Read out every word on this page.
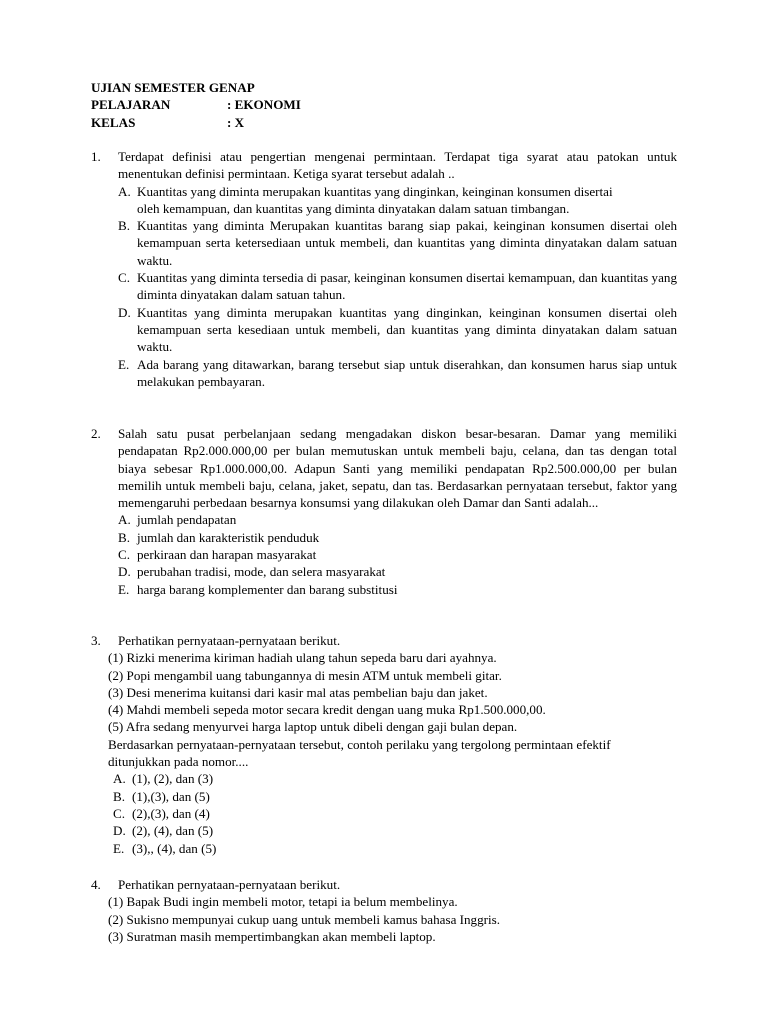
UJIAN SEMESTER GENAP
PELAJARAN	: EKONOMI
KELAS	: X
1.	Terdapat definisi atau pengertian mengenai permintaan. Terdapat tiga syarat atau patokan untuk menentukan definisi permintaan. Ketiga syarat tersebut adalah ..
A. Kuantitas yang diminta merupakan kuantitas yang dinginkan, keinginan konsumen disertai
oleh kemampuan, dan kuantitas yang diminta dinyatakan dalam satuan timbangan.
B. Kuantitas yang diminta Merupakan kuantitas barang siap pakai, keinginan konsumen disertai oleh kemampuan serta ketersediaan untuk membeli, dan kuantitas yang diminta dinyatakan dalam satuan waktu.
C. Kuantitas yang diminta tersedia di pasar, keinginan konsumen disertai kemampuan, dan kuantitas yang diminta dinyatakan dalam satuan tahun.
D. Kuantitas yang diminta merupakan kuantitas yang dinginkan, keinginan konsumen disertai oleh kemampuan serta kesediaan untuk membeli, dan kuantitas yang diminta dinyatakan dalam satuan waktu.
E. Ada barang yang ditawarkan, barang tersebut siap untuk diserahkan, dan konsumen harus siap untuk melakukan pembayaran.
2.	Salah satu pusat perbelanjaan sedang mengadakan diskon besar-besaran. Damar yang memiliki pendapatan Rp2.000.000,00 per bulan memutuskan untuk membeli baju, celana, dan tas dengan total biaya sebesar Rp1.000.000,00. Adapun Santi yang memiliki pendapatan Rp2.500.000,00 per bulan memilih untuk membeli baju, celana, jaket, sepatu, dan tas. Berdasarkan pernyataan tersebut, faktor yang memengaruhi perbedaan besarnya konsumsi yang dilakukan oleh Damar dan Santi adalah...
A. jumlah pendapatan
B. jumlah dan karakteristik penduduk
C. perkiraan dan harapan masyarakat
D. perubahan tradisi, mode, dan selera masyarakat
E. harga barang komplementer dan barang substitusi
3.	Perhatikan pernyataan-pernyataan berikut.
(1) Rizki menerima kiriman hadiah ulang tahun sepeda baru dari ayahnya.
(2) Popi mengambil uang tabungannya di mesin ATM untuk membeli gitar.
(3) Desi menerima kuitansi dari kasir mal atas pembelian baju dan jaket.
(4) Mahdi membeli sepeda motor secara kredit dengan uang muka Rp1.500.000,00.
(5) Afra sedang menyurvei harga laptop untuk dibeli dengan gaji bulan depan.
Berdasarkan pernyataan-pernyataan tersebut, contoh perilaku yang tergolong permintaan efektif ditunjukkan pada nomor....
A. (1), (2), dan (3)
B. (1),(3), dan (5)
C. (2),(3), dan (4)
D. (2), (4), dan (5)
E. (3),, (4), dan (5)
4.	Perhatikan pernyataan-pernyataan berikut.
(1) Bapak Budi ingin membeli motor, tetapi ia belum membelinya.
(2) Sukisno mempunyai cukup uang untuk membeli kamus bahasa Inggris.
(3) Suratman masih mempertimbangkan akan membeli laptop.
